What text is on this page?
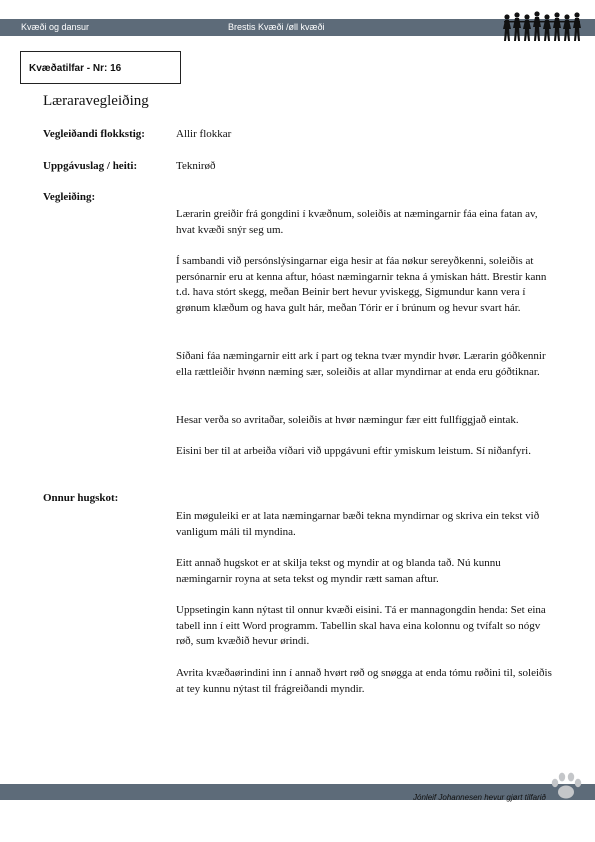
Kvæði og dansur	Brestis Kvæði /øll kvæði
Kvæðatilfar - Nr: 16
Læraravegleiðing
Vegleiðandi flokkstig:	Allir flokkar
Uppgávuslag / heiti:	Teknirøð
Vegleiðing:

Lærarin greiðir frá gongdini í kvæðnum, soleiðis at næmingarnir fáa eina fatan av, hvat kvæði snýr seg um.

Í sambandi við persónslýsingarnar eiga hesir at fáa nøkur sereyðkenni, soleiðis at persónarnir eru at kenna aftur, hóast næmingarnir tekna á ymiskan hátt. Brestir kann t.d. hava stórt skegg, meðan Beinir bert hevur yviskegg, Sigmundur kann vera í grønum klæðum og hava gult hár, meðan Tórir er í brúnum og hevur svart hár.

Síðani fáa næmingarnir eitt ark í part og tekna tvær myndir hvør. Lærarin góðkennir ella rættleiðir hvønn næming sær, soleiðis at allar myndirnar at enda eru góðtiknar.

Hesar verða so avritaðar, soleiðis at hvør næmingur fær eitt fullfíggjað eintak.

Eisini ber til at arbeiða víðari við uppgávuni eftir ymiskum leistum. Sí niðanfyri.

Onnur hugskot:

Ein møguleiki er at lata næmingarnar bæði tekna myndirnar og skriva ein tekst við vanligum máli til myndina.

Eitt annað hugskot er at skilja tekst og myndir at og blanda tað. Nú kunnu næmingarnir royna at seta tekst og myndir rætt saman aftur.

Uppsetingin kann nýtast til onnur kvæði eisini. Tá er mannagongdin henda: Set eina tabell inn í eitt Word programm. Tabellin skal hava eina kolonnu og tvífalt so nógv røð, sum kvæðið hevur ørindi.

Avrita kvæðaørindini inn í annað hvørt røð og snøgga at enda tómu røðini til, soleiðis at tey kunnu nýtast til frágreiðandi myndir.

Jónleif Johannesen hevur gjørt tilfarið
